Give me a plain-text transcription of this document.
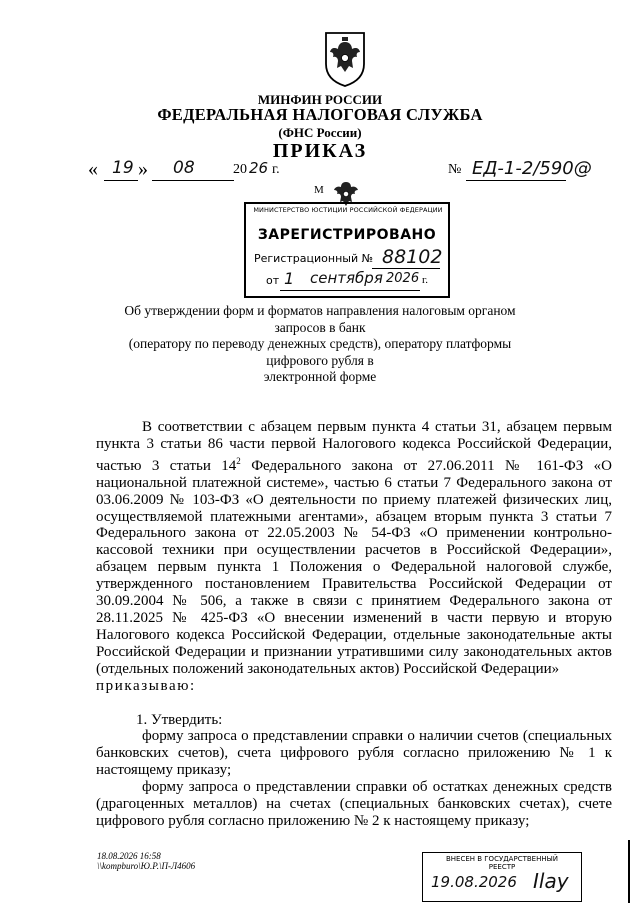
МИНФИН РОССИИ
ФЕДЕРАЛЬНАЯ НАЛОГОВАЯ СЛУЖБА
(ФНС России)
ПРИКАЗ
« 19 » 08	20 26 г.	№ ЕД-1-2/590@
М
МИНИСТЕРСТВО ЮСТИЦИИ РОССИЙСКОЙ ФЕДЕРАЦИИ
ЗАРЕГИСТРИРОВАНО
Регистрационный № 88102
от 1 сентября 2026 г.
Об утверждении форм и форматов направления налоговым органом запросов в банк
(оператору по переводу денежных средств), оператору платформы цифрового рубля в
электронной форме

В соответствии с абзацем первым пункта 4 статьи 31, абзацем первым пункта 3 статьи 86 части первой Налогового кодекса Российской Федерации, частью 3 статьи $14^2$ Федерального закона от 27.06.2011 № 161-ФЗ «О национальной платежной системе», частью 6 статьи 7 Федерального закона от 03.06.2009 № 103-ФЗ «О деятельности по приему платежей физических лиц, осуществляемой платежными агентами», абзацем вторым пункта 3 статьи 7 Федерального закона от 22.05.2003 № 54-ФЗ «О применении контрольно-кассовой техники при осуществлении расчетов в Российской Федерации», абзацем первым пункта 1 Положения о Федеральной налоговой службе, утвержденного постановлением Правительства Российской Федерации от 30.09.2004 № 506, а также в связи с принятием Федерального закона от 28.11.2025 № 425-ФЗ «О внесении изменений в части первую и вторую Налогового кодекса Российской Федерации, отдельные законодательные акты Российской Федерации и признании утратившими силу законодательных актов (отдельных положений законодательных актов) Российской Федерации»

приказываю:

1. Утвердить:

форму запроса о представлении справки о наличии счетов (специальных банковских счетов), счета цифрового рубля согласно приложению № 1 к настоящему приказу;

форму запроса о представлении справки об остатках денежных средств (драгоценных металлов) на счетах (специальных банковских счетах), счете цифрового рубля согласно приложению № 2 к настоящему приказу;

18.08.2026 16:58
\\kompburo\Ю.Р.\П-Л4606
ВНЕСЕН В ГОСУДАРСТВЕННЫЙ
РЕЕСТР
19.08.2026 Ilay
